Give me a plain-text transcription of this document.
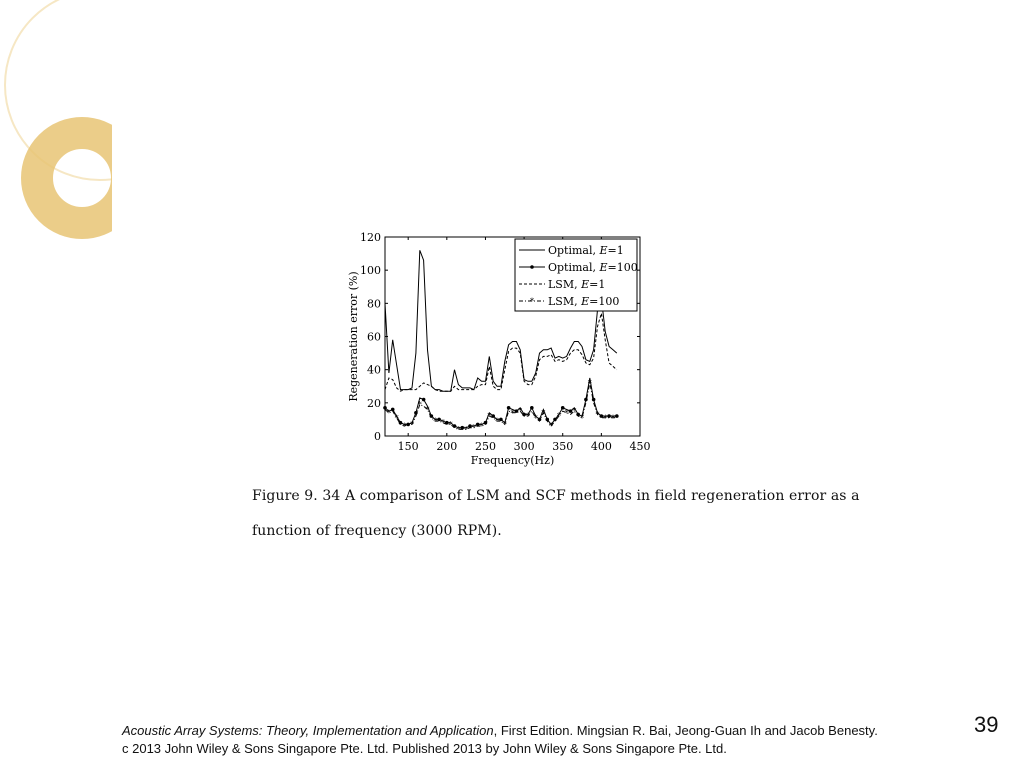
*
*
* *
*
*
* * *
* * * *
*
* *
* *
* *
*
*
* * *
*
*
* * *
0
20
40
60
80
100
120
150 200 250 300 350 400 450
Frequency(Hz)
Regeneration error (%)
Optimal, E=1
Optimal, E=100
LSM, E=1
* LSM, E=100
Figure 9. 34 A comparison of LSM and SCF methods in field regeneration error as a
function of frequency (3000 RPM).
Acoustic Array Systems: Theory, Implementation and Application, First Edition. Mingsian R. Bai, Jeong-Guan Ih and Jacob Benesty.
c 2013 John Wiley & Sons Singapore Pte. Ltd. Published 2013 by John Wiley & Sons Singapore Pte. Ltd.
39
